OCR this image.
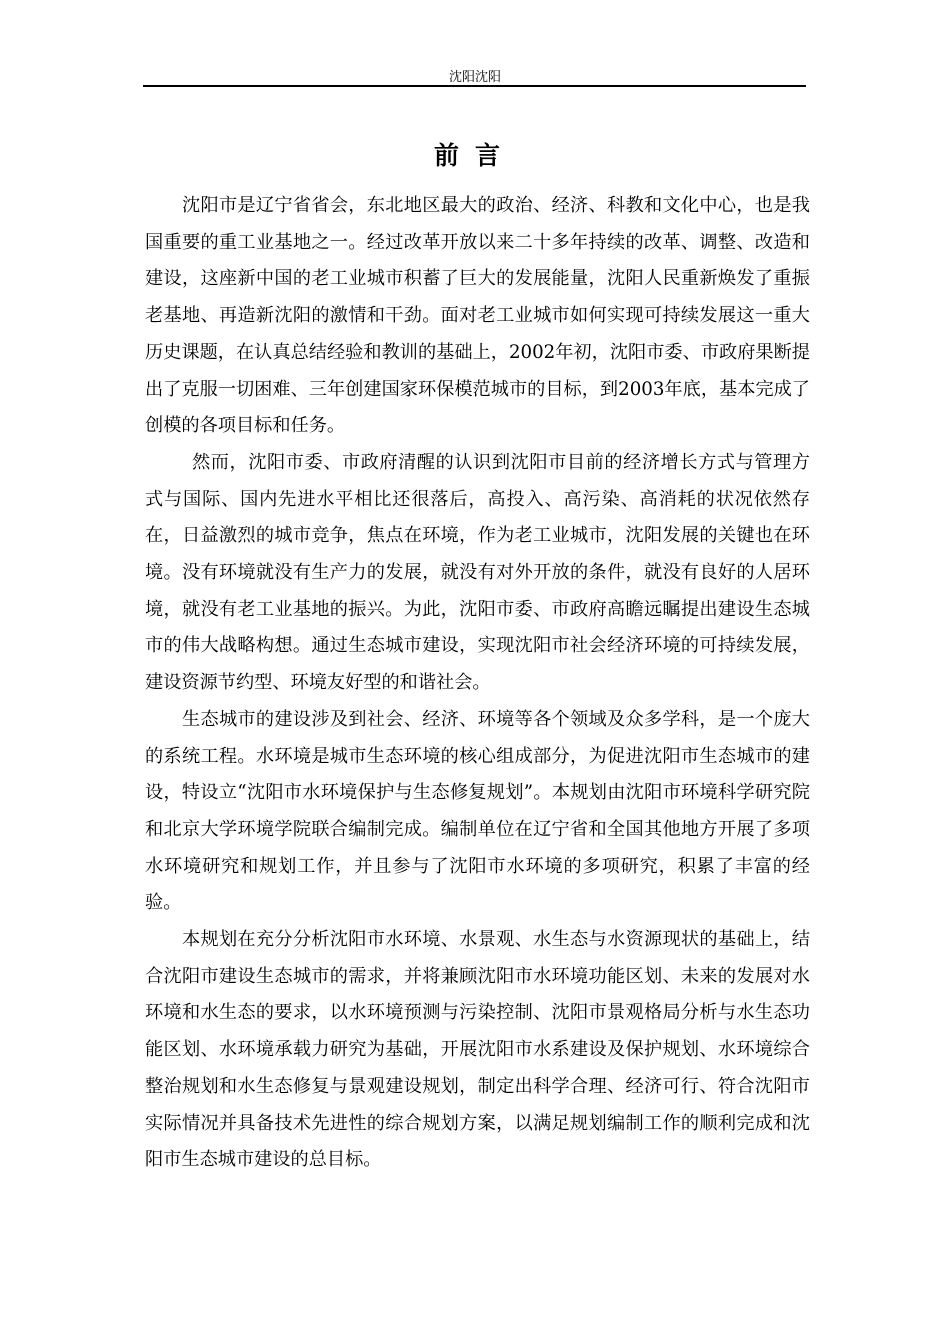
沈阳沈阳
前言

沈阳市是辽宁省省会，东北地区最大的政治、经济、科教和文化中心，也是我国重要的重工业基地之一。经过改革开放以来二十多年持续的改革、调整、改造和建设，这座新中国的老工业城市积蓄了巨大的发展能量，沈阳人民重新焕发了重振老基地、再造新沈阳的激情和干劲。面对老工业城市如何实现可持续发展这一重大历史课题，在认真总结经验和教训的基础上，2002年初，沈阳市委、市政府果断提出了克服一切困难、三年创建国家环保模范城市的目标，到2003年底，基本完成了创模的各项目标和任务。

然而，沈阳市委、市政府清醒的认识到沈阳市目前的经济增长方式与管理方式与国际、国内先进水平相比还很落后，高投入、高污染、高消耗的状况依然存在，日益激烈的城市竞争，焦点在环境，作为老工业城市，沈阳发展的关键也在环境。没有环境就没有生产力的发展，就没有对外开放的条件，就没有良好的人居环境，就没有老工业基地的振兴。为此，沈阳市委、市政府高瞻远瞩提出建设生态城市的伟大战略构想。通过生态城市建设，实现沈阳市社会经济环境的可持续发展，建设资源节约型、环境友好型的和谐社会。

生态城市的建设涉及到社会、经济、环境等各个领域及众多学科，是一个庞大的系统工程。水环境是城市生态环境的核心组成部分，为促进沈阳市生态城市的建设，特设立“沈阳市水环境保护与生态修复规划”。本规划由沈阳市环境科学研究院和北京大学环境学院联合编制完成。编制单位在辽宁省和全国其他地方开展了多项水环境研究和规划工作，并且参与了沈阳市水环境的多项研究，积累了丰富的经验。

本规划在充分分析沈阳市水环境、水景观、水生态与水资源现状的基础上，结合沈阳市建设生态城市的需求，并将兼顾沈阳市水环境功能区划、未来的发展对水环境和水生态的要求，以水环境预测与污染控制、沈阳市景观格局分析与水生态功能区划、水环境承载力研究为基础，开展沈阳市水系建设及保护规划、水环境综合整治规划和水生态修复与景观建设规划，制定出科学合理、经济可行、符合沈阳市实际情况并具备技术先进性的综合规划方案，以满足规划编制工作的顺利完成和沈阳市生态城市建设的总目标。
